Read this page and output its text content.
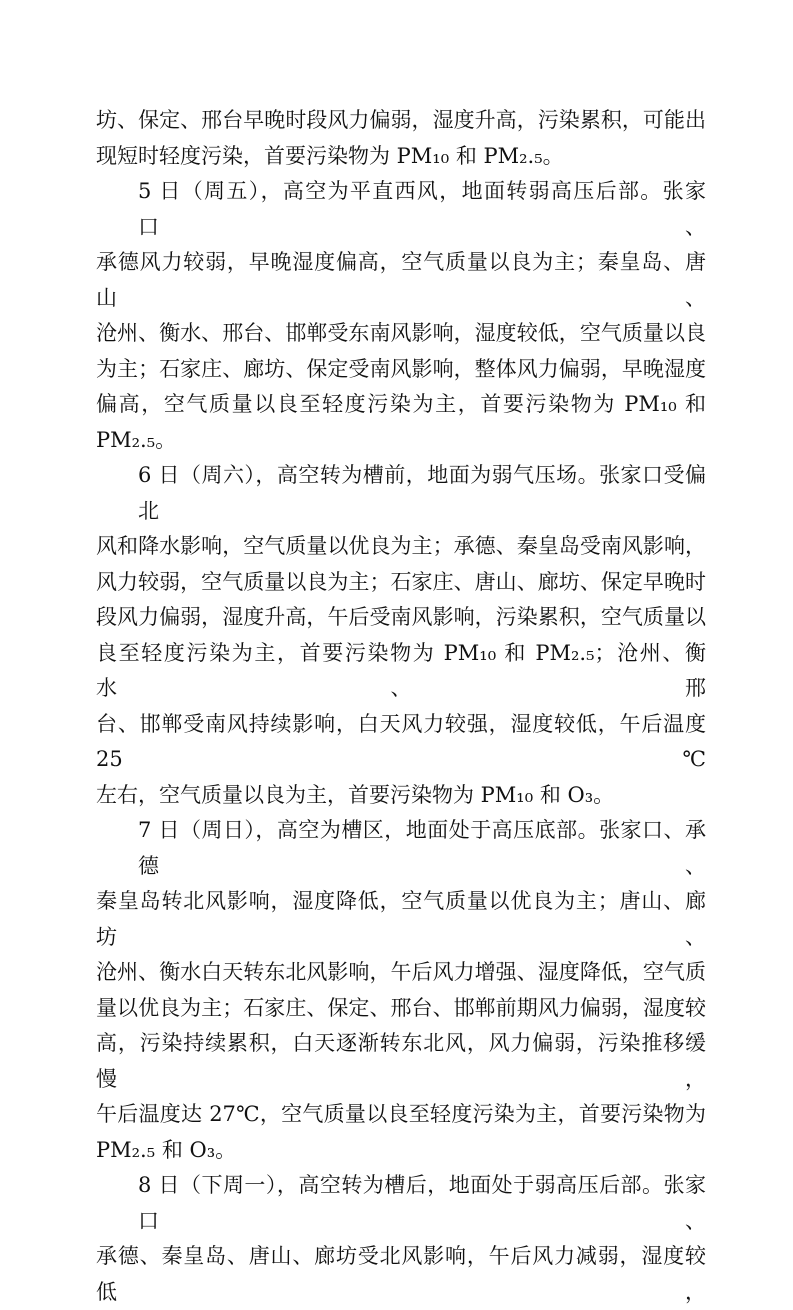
坊、保定、邢台早晚时段风力偏弱，湿度升高，污染累积，可能出
现短时轻度污染，首要污染物为 PM₁₀ 和 PM₂.₅。
5 日（周五），高空为平直西风，地面转弱高压后部。张家口、
承德风力较弱，早晚湿度偏高，空气质量以良为主；秦皇岛、唐山、
沧州、衡水、邢台、邯郸受东南风影响，湿度较低，空气质量以良
为主；石家庄、廊坊、保定受南风影响，整体风力偏弱，早晚湿度
偏高，空气质量以良至轻度污染为主，首要污染物为 PM₁₀ 和 PM₂.₅。
6 日（周六），高空转为槽前，地面为弱气压场。张家口受偏北
风和降水影响，空气质量以优良为主；承德、秦皇岛受南风影响，
风力较弱，空气质量以良为主；石家庄、唐山、廊坊、保定早晚时
段风力偏弱，湿度升高，午后受南风影响，污染累积，空气质量以
良至轻度污染为主，首要污染物为 PM₁₀ 和 PM₂.₅；沧州、衡水、邢
台、邯郸受南风持续影响，白天风力较强，湿度较低，午后温度 25℃
左右，空气质量以良为主，首要污染物为 PM₁₀ 和 O₃。
7 日（周日），高空为槽区，地面处于高压底部。张家口、承德、
秦皇岛转北风影响，湿度降低，空气质量以优良为主；唐山、廊坊、
沧州、衡水白天转东北风影响，午后风力增强、湿度降低，空气质
量以优良为主；石家庄、保定、邢台、邯郸前期风力偏弱，湿度较
高，污染持续累积，白天逐渐转东北风，风力偏弱，污染推移缓慢，
午后温度达 27℃，空气质量以良至轻度污染为主，首要污染物为
PM₂.₅ 和 O₃。
8 日（下周一），高空转为槽后，地面处于弱高压后部。张家口、
承德、秦皇岛、唐山、廊坊受北风影响，午后风力减弱，湿度较低，
